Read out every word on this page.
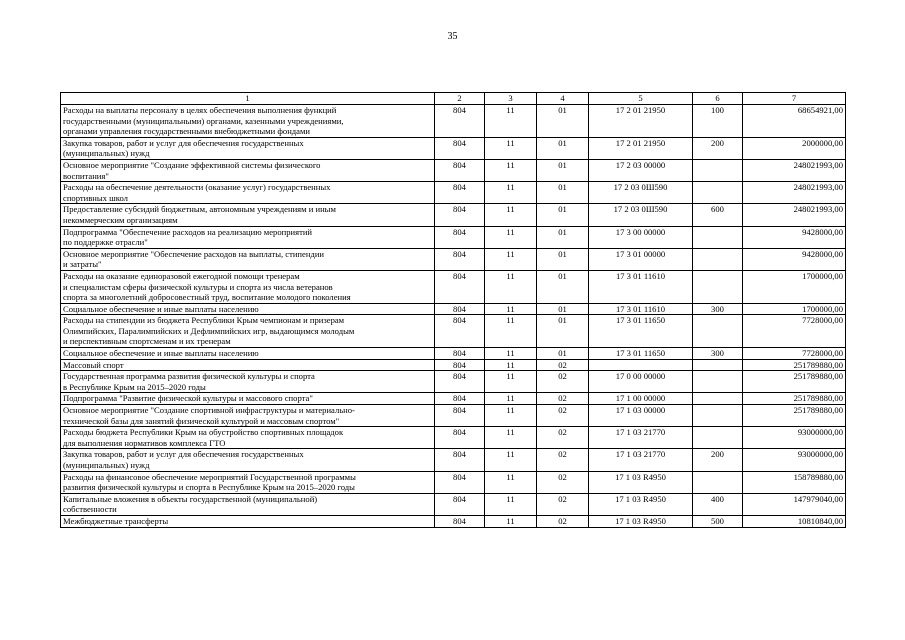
35
1	2	3	4	5	6	7
Расходы на выплаты персоналу в целях обеспечения выполнения функций
государственными (муниципальными) органами, казенными учреждениями,
органами управления государственными внебюджетными фондами	804	11	01	17 2 01 21950	100	68654921,00
Закупка товаров, работ и услуг для обеспечения государственных
(муниципальных) нужд	804	11	01	17 2 01 21950	200	2000000,00
Основное мероприятие "Создание эффективной системы физического
воспитания"	804	11	01	17 2 03 00000		248021993,00
Расходы на обеспечение деятельности (оказание услуг) государственных
спортивных школ	804	11	01	17 2 03 0Ш590		248021993,00
Предоставление субсидий бюджетным, автономным учреждениям и иным
некоммерческим организациям	804	11	01	17 2 03 0Ш590	600	248021993,00
Подпрограмма "Обеспечение расходов на реализацию мероприятий
по поддержке отрасли"	804	11	01	17 3 00 00000		9428000,00
Основное мероприятие "Обеспечение расходов на выплаты, стипендии
и затраты"	804	11	01	17 3 01 00000		9428000,00
Расходы на оказание единоразовой ежегодной помощи тренерам
и специалистам сферы физической культуры и спорта из числа ветеранов
спорта за многолетний добросовестный труд, воспитание молодого поколения	804	11	01	17 3 01 11610		1700000,00
Социальное обеспечение и иные выплаты населению	804	11	01	17 3 01 11610	300	1700000,00
Расходы на стипендии из бюджета Республики Крым чемпионам и призерам
Олимпийских, Паралимпийских и Дефлимпийских игр, выдающимся молодым
и перспективным спортсменам и их тренерам	804	11	01	17 3 01 11650		7728000,00
Социальное обеспечение и иные выплаты населению	804	11	01	17 3 01 11650	300	7728000,00
Массовый спорт	804	11	02			251789880,00
Государственная программа развития физической культуры и спорта
в Республике Крым на 2015–2020 годы	804	11	02	17 0 00 00000		251789880,00
Подпрограмма "Развитие физической культуры и массового спорта"	804	11	02	17 1 00 00000		251789880,00
Основное мероприятие "Создание спортивной инфраструктуры и материально-
технической базы для занятий физической культурой и массовым спортом"	804	11	02	17 1 03 00000		251789880,00
Расходы бюджета Республики Крым на обустройство спортивных площадок
для выполнения нормативов комплекса ГТО	804	11	02	17 1 03 21770		93000000,00
Закупка товаров, работ и услуг для обеспечения государственных
(муниципальных) нужд	804	11	02	17 1 03 21770	200	93000000,00
Расходы на финансовое обеспечение мероприятий Государственной программы
развития физической культуры и спорта в Республике Крым на 2015–2020 годы	804	11	02	17 1 03 R4950		158789880,00
Капитальные вложения в объекты государственной (муниципальной)
собственности	804	11	02	17 1 03 R4950	400	147979040,00
Межбюджетные трансферты	804	11	02	17 1 03 R4950	500	10810840,00
